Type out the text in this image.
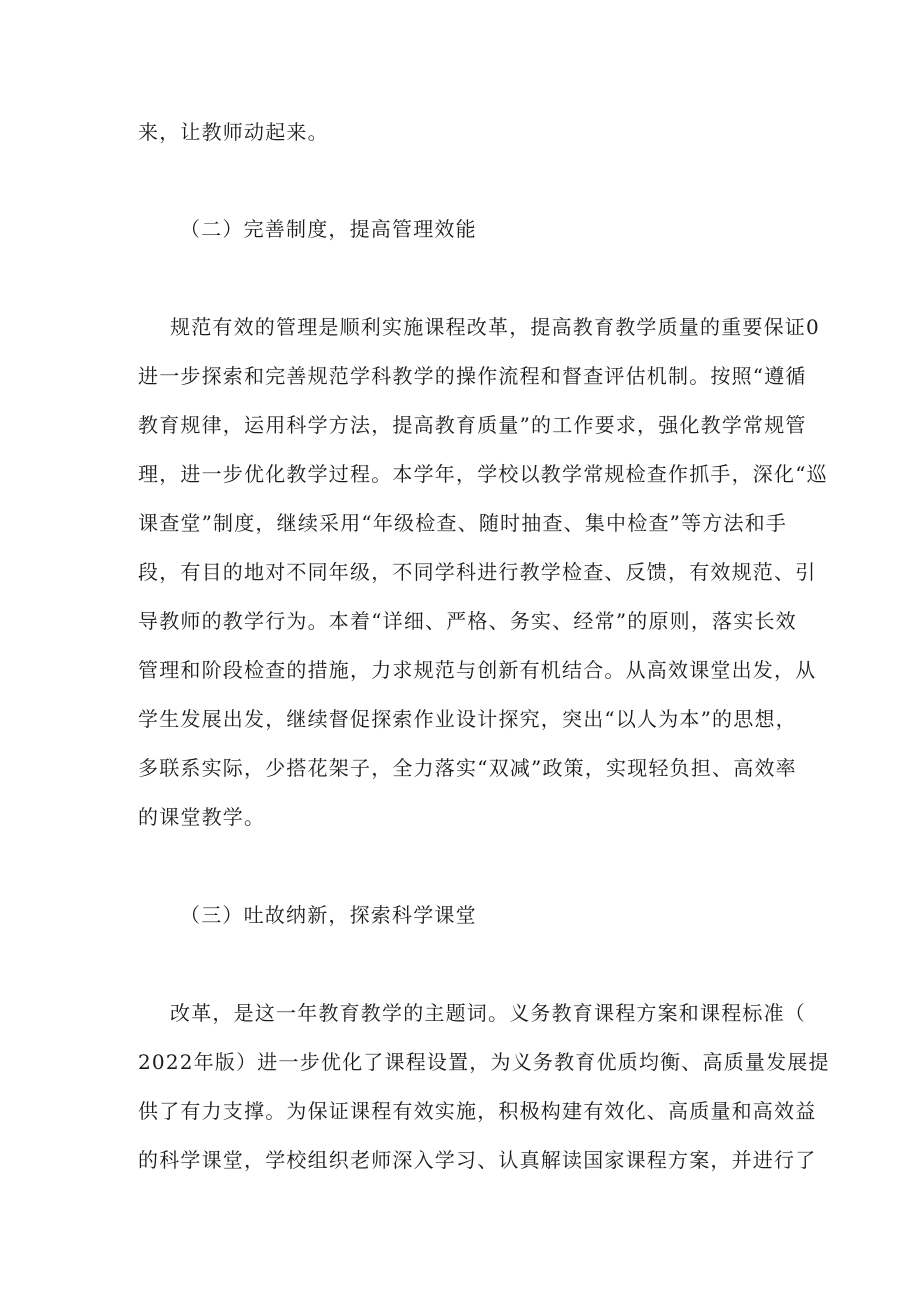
来，让教师动起来。
（二）完善制度，提高管理效能
规范有效的管理是顺利实施课程改革，提高教育教学质量的重要保证0
进一步探索和完善规范学科教学的操作流程和督查评估机制。按照“遵循
教育规律，运用科学方法，提高教育质量”的工作要求，强化教学常规管
理，进一步优化教学过程。本学年，学校以教学常规检查作抓手，深化“巡
课查堂”制度，继续采用“年级检查、随时抽查、集中检查”等方法和手
段，有目的地对不同年级，不同学科进行教学检查、反馈，有效规范、引
导教师的教学行为。本着“详细、严格、务实、经常”的原则，落实长效
管理和阶段检查的措施，力求规范与创新有机结合。从高效课堂出发，从
学生发展出发，继续督促探索作业设计探究，突出“以人为本”的思想，
多联系实际，少搭花架子，全力落实“双减”政策，实现轻负担、高效率
的课堂教学。
（三）吐故纳新，探索科学课堂
改革，是这一年教育教学的主题词。义务教育课程方案和课程标准（
2022年版）进一步优化了课程设置，为义务教育优质均衡、高质量发展提
供了有力支撑。为保证课程有效实施，积极构建有效化、高质量和高效益
的科学课堂，学校组织老师深入学习、认真解读国家课程方案，并进行了
